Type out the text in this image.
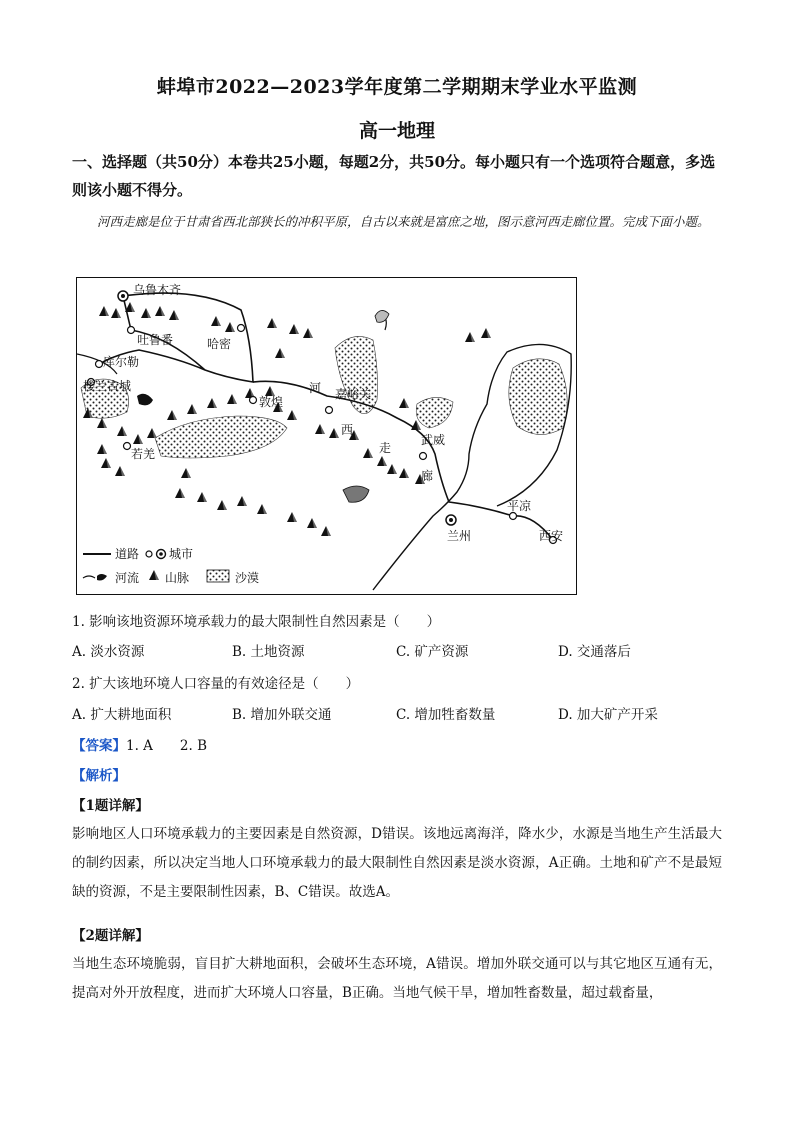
蚌埠市2022—2023学年度第二学期期末学业水平监测
高一地理
一、选择题（共50分）本卷共25小题，每题2分，共50分。每小题只有一个选项符合题意，多选则该小题不得分。
河西走廊是位于甘肃省西北部狭长的冲积平原，自古以来就是富庶之地，图示意河西走廊位置。完成下面小题。
乌鲁木齐
吐鲁番	哈密
库尔勒
楼兰古城
敦煌
嘉峪关
若羌
武威
兰州
平凉
西安
河
西
走
廊
道路 城市
河流 山脉	沙漠
1. 影响该地资源环境承载力的最大限制性自然因素是（　　）
A. 淡水资源	B. 土地资源	C. 矿产资源	D. 交通落后
2. 扩大该地环境人口容量的有效途径是（　　）
A. 扩大耕地面积	B. 增加外联交通	C. 增加牲畜数量	D. 加大矿产开采
【答案】1. A　　2. B
【解析】
【1题详解】
影响地区人口环境承载力的主要因素是自然资源，D错误。该地远离海洋，降水少，水源是当地生产生活最大的制约因素，所以决定当地人口环境承载力的最大限制性自然因素是淡水资源，A正确。土地和矿产不是最短缺的资源，不是主要限制性因素，B、C错误。故选A。
【2题详解】
当地生态环境脆弱，盲目扩大耕地面积，会破坏生态环境，A错误。增加外联交通可以与其它地区互通有无，提高对外开放程度，进而扩大环境人口容量，B正确。当地气候干旱，增加牲畜数量，超过载畜量，
